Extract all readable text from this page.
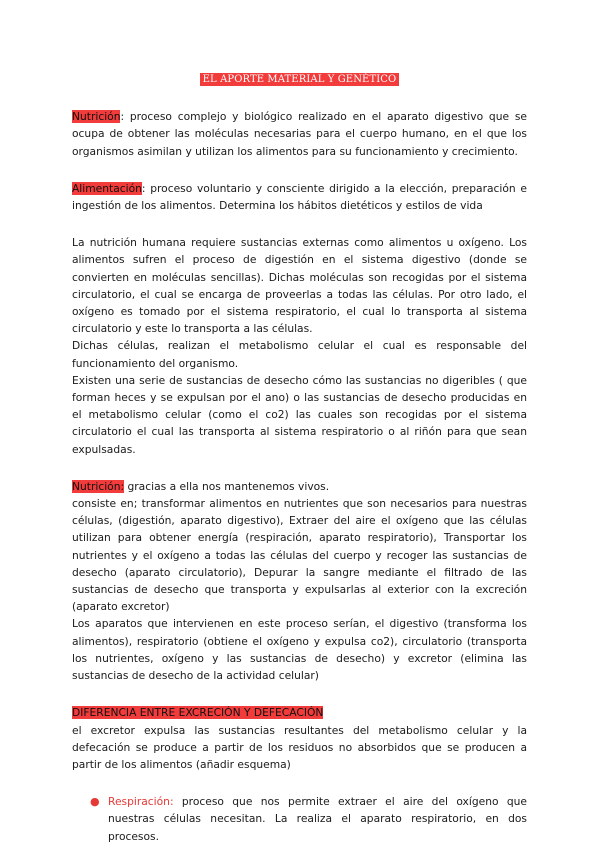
EL APORTE MATERIAL Y GENÉTICO

Nutrición: proceso complejo y biológico realizado en el aparato digestivo que se ocupa de obtener las moléculas necesarias para el cuerpo humano, en el que los organismos asimilan y utilizan los alimentos para su funcionamiento y crecimiento.

Alimentación: proceso voluntario y consciente dirigido a la elección, preparación e ingestión de los alimentos. Determina los hábitos dietéticos y estilos de vida

La nutrición humana requiere sustancias externas como alimentos u oxígeno. Los alimentos sufren el proceso de digestión en el sistema digestivo (donde se convierten en moléculas sencillas). Dichas moléculas son recogidas por el sistema circulatorio, el cual se encarga de proveerlas a todas las células. Por otro lado, el oxígeno es tomado por el sistema respiratorio, el cual lo transporta al sistema circulatorio y este lo transporta a las células.

Dichas células, realizan el metabolismo celular el cual es responsable del funcionamiento del organismo.

Existen una serie de sustancias de desecho cómo las sustancias no digeribles ( que forman heces y se expulsan por el ano) o las sustancias de desecho producidas en el metabolismo celular (como el co2) las cuales son recogidas por el sistema circulatorio el cual las transporta al sistema respiratorio o al riñón para que sean expulsadas.

Nutrición: gracias a ella nos mantenemos vivos.

consiste en; transformar alimentos en nutrientes que son necesarios para nuestras células, (digestión, aparato digestivo), Extraer del aire el oxígeno que las células utilizan para obtener energía (respiración, aparato respiratorio), Transportar los nutrientes y el oxígeno a todas las células del cuerpo y recoger las sustancias de desecho (aparato circulatorio), Depurar la sangre mediante el filtrado de las sustancias de desecho que transporta y expulsarlas al exterior con la excreción (aparato excretor)

Los aparatos que intervienen en este proceso serían, el digestivo (transforma los alimentos), respiratorio (obtiene el oxígeno y expulsa co2), circulatorio (transporta los nutrientes, oxígeno y las sustancias de desecho) y excretor (elimina las sustancias de desecho de la actividad celular)

DIFERENCIA ENTRE EXCRECIÓN Y DEFECACIÓN

el excretor expulsa las sustancias resultantes del metabolismo celular y la defecación se produce a partir de los residuos no absorbidos que se producen a partir de los alimentos (añadir esquema)

● Respiración: proceso que nos permite extraer el aire del oxígeno que nuestras células necesitan. La realiza el aparato respiratorio, en dos procesos.
